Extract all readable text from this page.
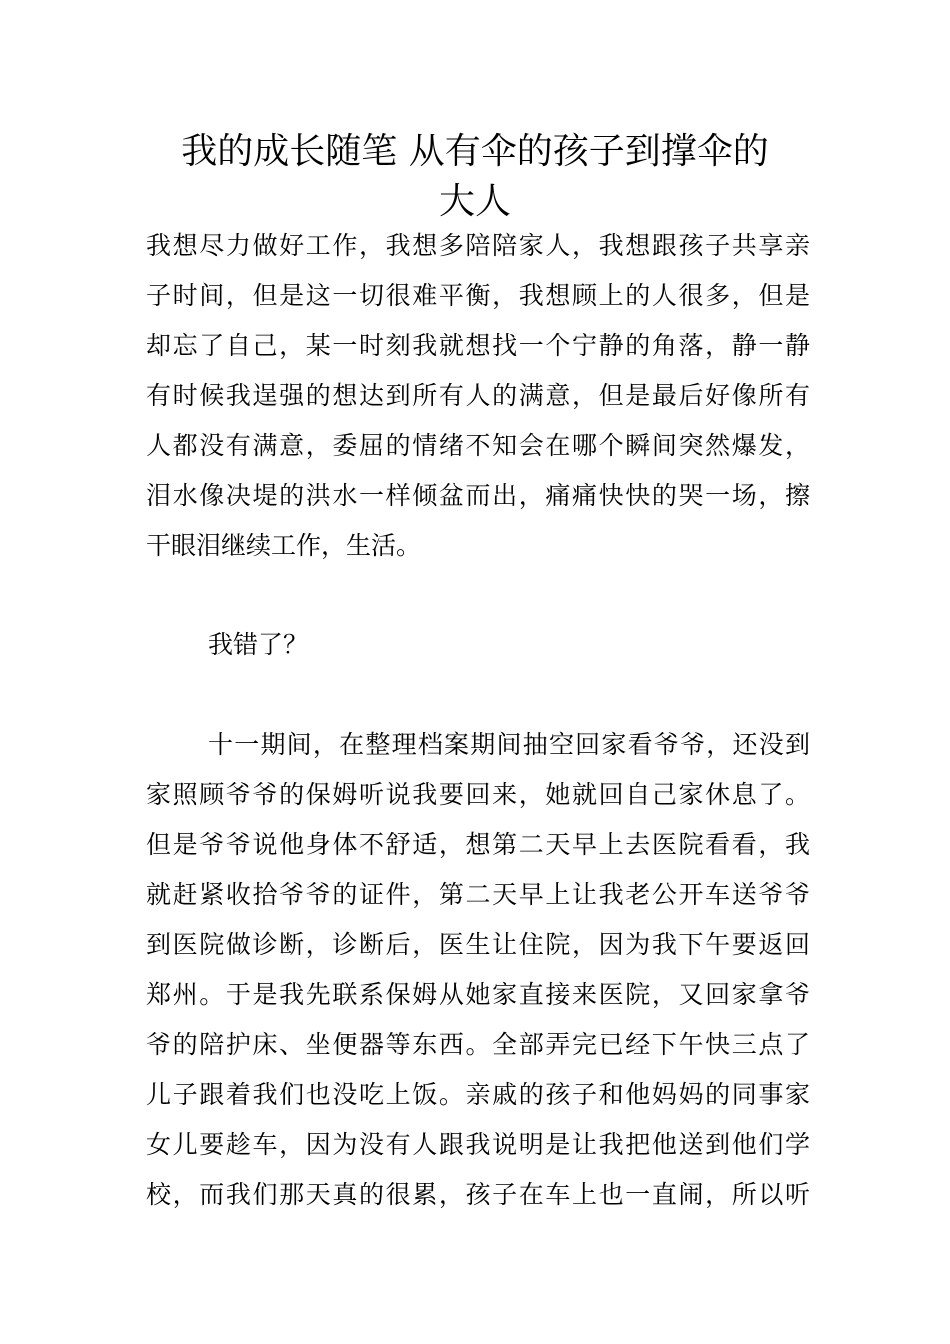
我的成长随笔 从有伞的孩子到撑伞的
大人
我想尽力做好工作，我想多陪陪家人，我想跟孩子共享亲
子时间，但是这一切很难平衡，我想顾上的人很多，但是
却忘了自己，某一时刻我就想找一个宁静的角落，静一静
有时候我逞强的想达到所有人的满意，但是最后好像所有
人都没有满意，委屈的情绪不知会在哪个瞬间突然爆发，
泪水像决堤的洪水一样倾盆而出，痛痛快快的哭一场，擦
干眼泪继续工作，生活。
我错了？
十一期间，在整理档案期间抽空回家看爷爷，还没到
家照顾爷爷的保姆听说我要回来，她就回自己家休息了。
但是爷爷说他身体不舒适，想第二天早上去医院看看，我
就赶紧收拾爷爷的证件，第二天早上让我老公开车送爷爷
到医院做诊断，诊断后，医生让住院，因为我下午要返回
郑州。于是我先联系保姆从她家直接来医院，又回家拿爷
爷的陪护床、坐便器等东西。全部弄完已经下午快三点了
儿子跟着我们也没吃上饭。亲戚的孩子和他妈妈的同事家
女儿要趁车，因为没有人跟我说明是让我把他送到他们学
校，而我们那天真的很累，孩子在车上也一直闹，所以听
